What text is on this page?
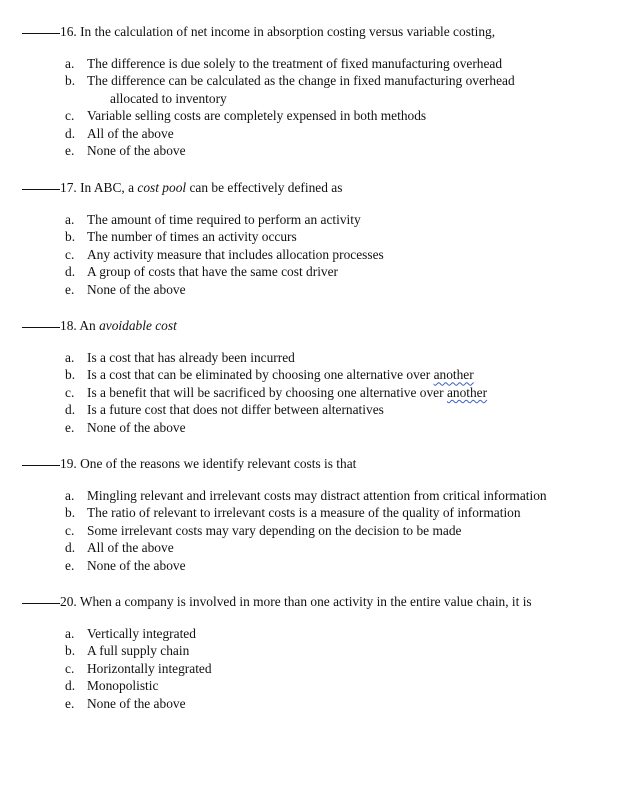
16. In the calculation of net income in absorption costing versus variable costing,
a. The difference is due solely to the treatment of fixed manufacturing overhead
b. The difference can be calculated as the change in fixed manufacturing overhead
allocated to inventory
c. Variable selling costs are completely expensed in both methods
d. All of the above
e. None of the above
17. In ABC, a
cost pool
can be effectively defined as
a. The amount of time required to perform an activity
b. The number of times an activity occurs
c. Any activity measure that includes allocation processes
d. A group of costs that have the same cost driver
e. None of the above
18. An
avoidable cost
a. Is a cost that has already been incurred
b. Is a cost that can be eliminated by choosing one alternative over
another
c. Is a benefit that will be sacrificed by choosing one alternative over
another
d. Is a future cost that does not differ between alternatives
e. None of the above
19. One of the reasons we identify relevant costs is that
a. Mingling relevant and irrelevant costs may distract attention from critical information
b. The ratio of relevant to irrelevant costs is a measure of the quality of information
c. Some irrelevant costs may vary depending on the decision to be made
d. All of the above
e. None of the above
20. When a company is involved in more than one activity in the entire value chain, it is
a. Vertically integrated
b. A full supply chain
c. Horizontally integrated
d. Monopolistic
e. None of the above
